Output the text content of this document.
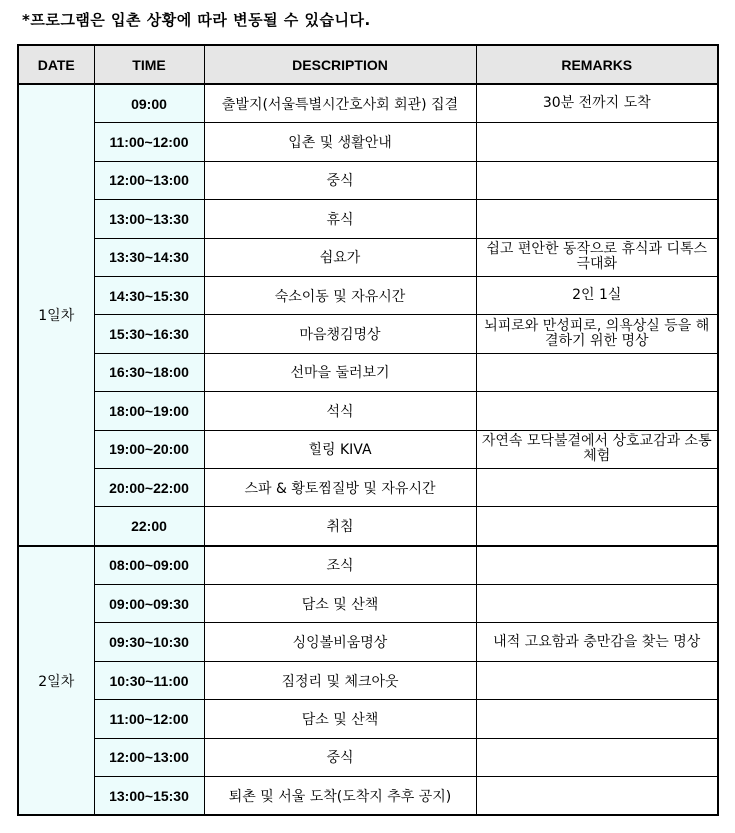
*프로그램은 입촌 상황에 따라 변동될 수 있습니다.
DATE	TIME	DESCRIPTION	REMARKS
1일차	09:00	출발지(서울특별시간호사회 회관) 집결	30분 전까지 도착
	11:00~12:00	입촌 및 생활안내	
	12:00~13:00	중식	
	13:00~13:30	휴식	
	13:30~14:30	쉼요가	쉽고 편안한 동작으로 휴식과 디톡스 극대화
	14:30~15:30	숙소이동 및 자유시간	2인 1실
	15:30~16:30	마음챙김명상	뇌피로와 만성피로, 의욕상실 등을 해결하기 위한 명상
	16:30~18:00	선마을 둘러보기	
	18:00~19:00	석식	
	19:00~20:00	힐링 KIVA	자연속 모닥불곁에서 상호교감과 소통 체험
	20:00~22:00	스파 & 황토찜질방 및 자유시간	
	22:00	취침	
2일차	08:00~09:00	조식	
	09:00~09:30	담소 및 산책	
	09:30~10:30	싱잉볼비움명상	내적 고요함과 충만감을 찾는 명상
	10:30~11:00	짐정리 및 체크아웃	
	11:00~12:00	담소 및 산책	
	12:00~13:00	중식	
	13:00~15:30	퇴촌 및 서울 도착(도착지 추후 공지)	
